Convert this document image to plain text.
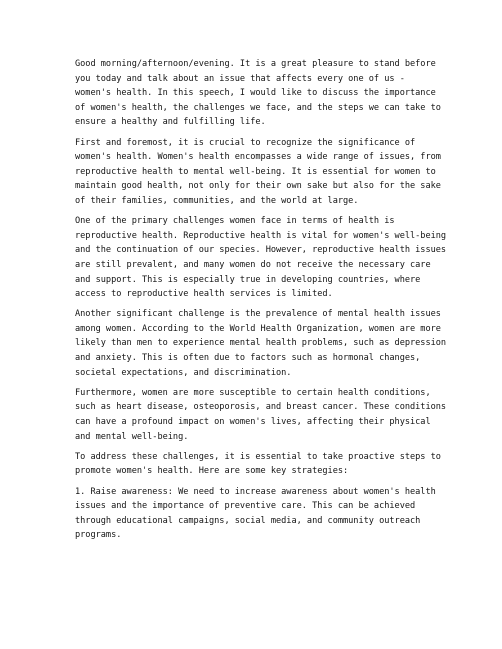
Good morning/afternoon/evening. It is a great pleasure to stand before
you today and talk about an issue that affects every one of us -
women's health. In this speech, I would like to discuss the importance
of women's health, the challenges we face, and the steps we can take to
ensure a healthy and fulfilling life.

First and foremost, it is crucial to recognize the significance of
women's health. Women's health encompasses a wide range of issues, from
reproductive health to mental well-being. It is essential for women to
maintain good health, not only for their own sake but also for the sake
of their families, communities, and the world at large.

One of the primary challenges women face in terms of health is
reproductive health. Reproductive health is vital for women's well-being
and the continuation of our species. However, reproductive health issues
are still prevalent, and many women do not receive the necessary care
and support. This is especially true in developing countries, where
access to reproductive health services is limited.

Another significant challenge is the prevalence of mental health issues
among women. According to the World Health Organization, women are more
likely than men to experience mental health problems, such as depression
and anxiety. This is often due to factors such as hormonal changes,
societal expectations, and discrimination.

Furthermore, women are more susceptible to certain health conditions,
such as heart disease, osteoporosis, and breast cancer. These conditions
can have a profound impact on women's lives, affecting their physical
and mental well-being.

To address these challenges, it is essential to take proactive steps to
promote women's health. Here are some key strategies:

1. Raise awareness: We need to increase awareness about women's health
issues and the importance of preventive care. This can be achieved
through educational campaigns, social media, and community outreach
programs.
